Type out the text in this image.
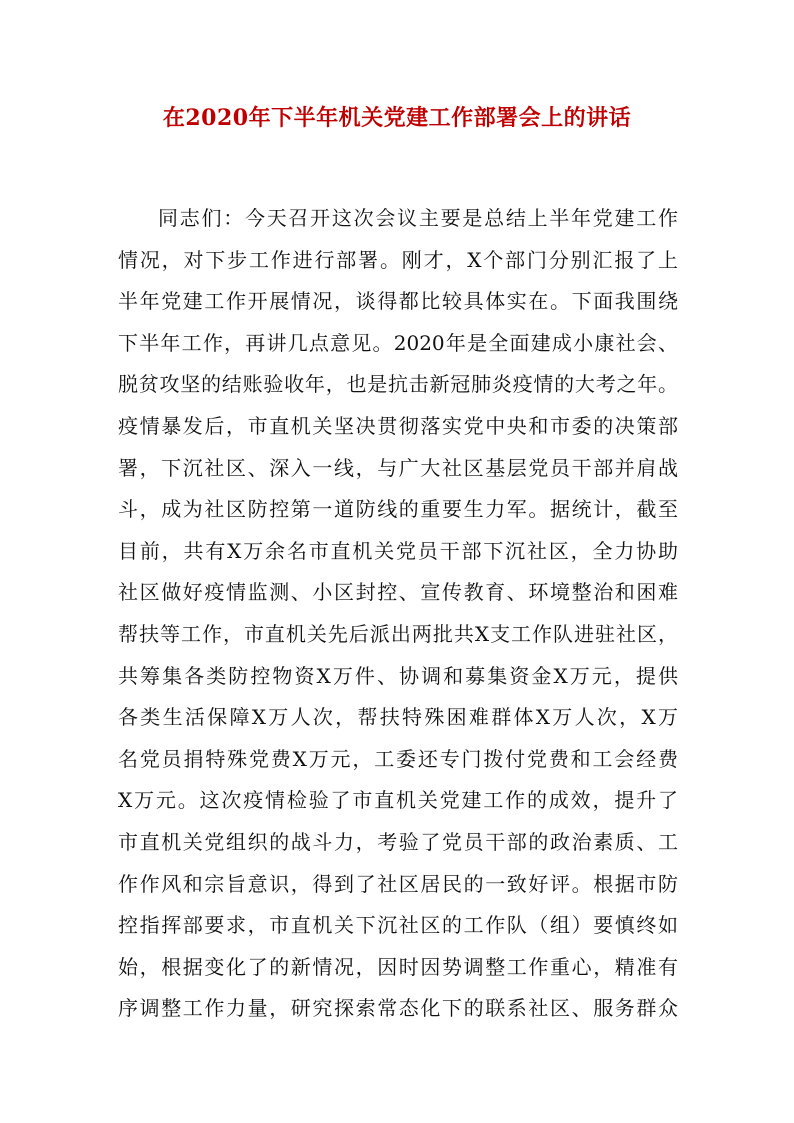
在2020年下半年机关党建工作部署会上的讲话
同志们：今天召开这次会议主要是总结上半年党建工作
情况，对下步工作进行部署。刚才，X个部门分别汇报了上
半年党建工作开展情况，谈得都比较具体实在。下面我围绕
下半年工作，再讲几点意见。2020年是全面建成小康社会、
脱贫攻坚的结账验收年，也是抗击新冠肺炎疫情的大考之年。
疫情暴发后，市直机关坚决贯彻落实党中央和市委的决策部
署，下沉社区、深入一线，与广大社区基层党员干部并肩战
斗，成为社区防控第一道防线的重要生力军。据统计，截至
目前，共有X万余名市直机关党员干部下沉社区，全力协助
社区做好疫情监测、小区封控、宣传教育、环境整治和困难
帮扶等工作，市直机关先后派出两批共X支工作队进驻社区，
共筹集各类防控物资X万件、协调和募集资金X万元，提供
各类生活保障X万人次，帮扶特殊困难群体X万人次，X万
名党员捐特殊党费X万元，工委还专门拨付党费和工会经费
X万元。这次疫情检验了市直机关党建工作的成效，提升了
市直机关党组织的战斗力，考验了党员干部的政治素质、工
作作风和宗旨意识，得到了社区居民的一致好评。根据市防
控指挥部要求，市直机关下沉社区的工作队（组）要慎终如
始，根据变化了的新情况，因时因势调整工作重心，精准有
序调整工作力量，研究探索常态化下的联系社区、服务群众
